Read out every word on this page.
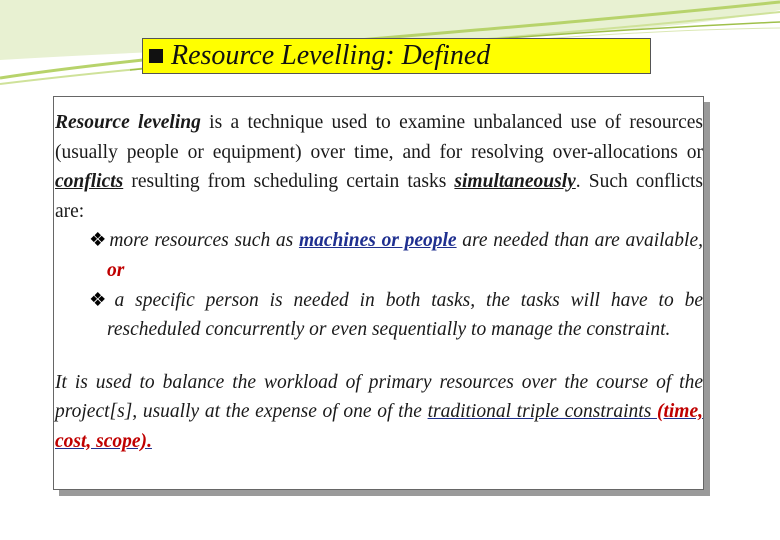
Resource Levelling: Defined

Resource leveling is a technique used to examine unbalanced use of resources (usually people or equipment) over time, and for resolving over-allocations or conflicts resulting from scheduling certain tasks simultaneously. Such conflicts are:

❖ more resources such as machines or people are needed than are available, or

❖ a specific person is needed in both tasks, the tasks will have to be rescheduled concurrently or even sequentially to manage the constraint.

It is used to balance the workload of primary resources over the course of the project[s], usually at the expense of one of the traditional triple constraints (time, cost, scope).
